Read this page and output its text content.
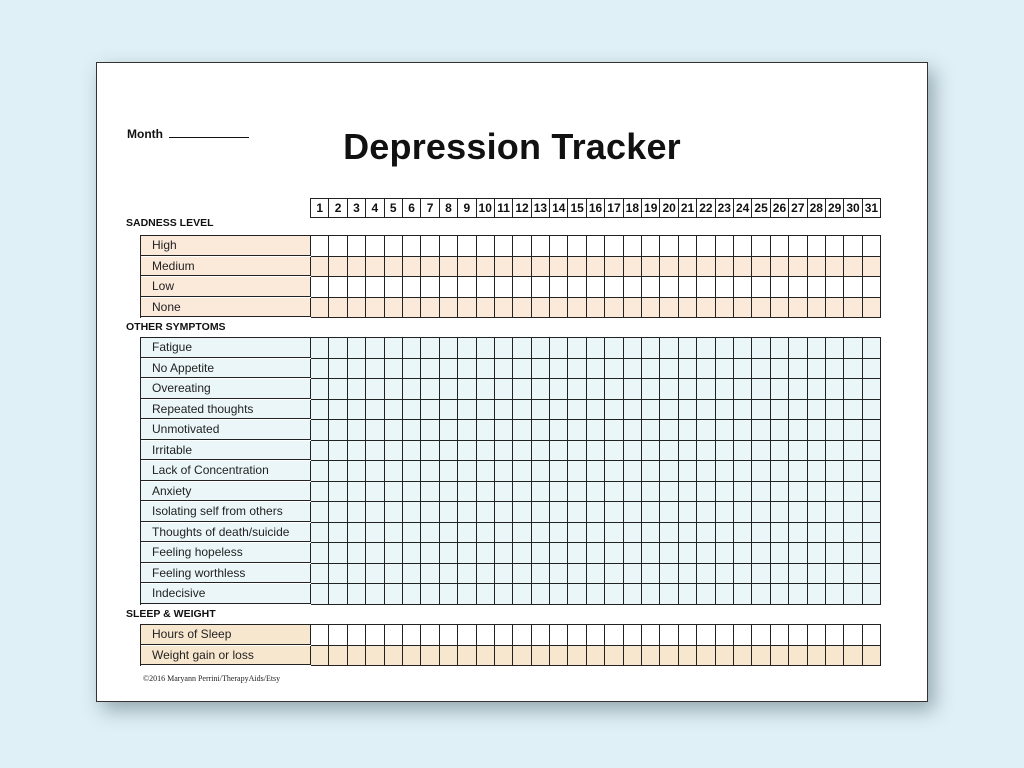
Month	Depression Tracker
1 2 3 4 5 6 7 8 9 10 11 12 13 14 15 16 17 18 19 20 21 22 23 24 25 26 27 28 29 30 31
SADNESS LEVEL
High
Medium
Low
None
OTHER SYMPTOMS
Fatigue
No Appetite
Overeating
Repeated thoughts
Unmotivated
Irritable
Lack of Concentration
Anxiety
Isolating self from others
Thoughts of death/suicide
Feeling hopeless
Feeling worthless
Indecisive
SLEEP & WEIGHT
Hours of Sleep
Weight gain or loss
©2016 Maryann Perrini/TherapyAids/Etsy
